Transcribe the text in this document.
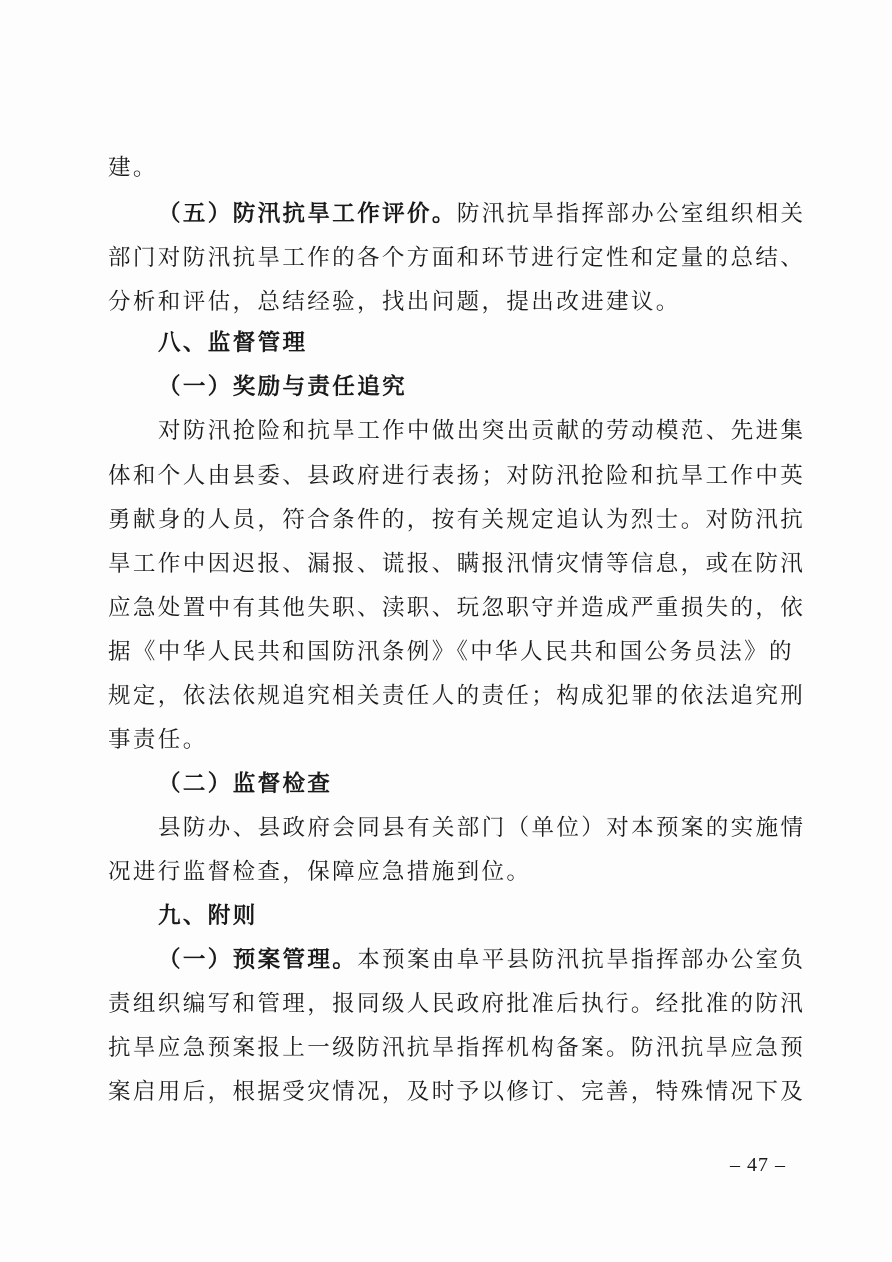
建。
（五）防汛抗旱工作评价。防汛抗旱指挥部办公室组织相关
部门对防汛抗旱工作的各个方面和环节进行定性和定量的总结、
分析和评估，总结经验，找出问题，提出改进建议。
八、监督管理
（一）奖励与责任追究
对防汛抢险和抗旱工作中做出突出贡献的劳动模范、先进集
体和个人由县委、县政府进行表扬；对防汛抢险和抗旱工作中英
勇献身的人员，符合条件的，按有关规定追认为烈士。对防汛抗
旱工作中因迟报、漏报、谎报、瞒报汛情灾情等信息，或在防汛
应急处置中有其他失职、渎职、玩忽职守并造成严重损失的，依
据《中华人民共和国防汛条例》《中华人民共和国公务员法》的
规定，依法依规追究相关责任人的责任；构成犯罪的依法追究刑
事责任。
（二）监督检查
县防办、县政府会同县有关部门（单位）对本预案的实施情
况进行监督检查，保障应急措施到位。
九、附则
（一）预案管理。本预案由阜平县防汛抗旱指挥部办公室负
责组织编写和管理，报同级人民政府批准后执行。经批准的防汛
抗旱应急预案报上一级防汛抗旱指挥机构备案。防汛抗旱应急预
案启用后，根据受灾情况，及时予以修订、完善，特殊情况下及
– 47 –
